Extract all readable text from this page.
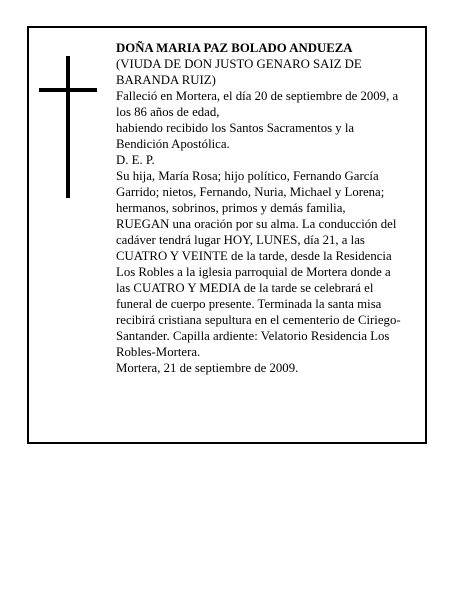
DOÑA MARIA PAZ BOLADO ANDUEZA
(VIUDA DE DON JUSTO GENARO SAIZ DE
BARANDA RUIZ)
Falleció en Mortera, el día 20 de septiembre de 2009, a
los 86 años de edad,
habiendo recibido los Santos Sacramentos y la
Bendición Apostólica.
D. E. P.
Su hija, María Rosa; hijo político, Fernando García
Garrido; nietos, Fernando, Nuria, Michael y Lorena;
hermanos, sobrinos, primos y demás familia,
RUEGAN una oración por su alma. La conducción del
cadáver tendrá lugar HOY, LUNES, día 21, a las
CUATRO Y VEINTE de la tarde, desde la Residencia
Los Robles a la iglesia parroquial de Mortera donde a
las CUATRO Y MEDIA de la tarde se celebrará el
funeral de cuerpo presente. Terminada la santa misa
recibirá cristiana sepultura en el cementerio de Ciriego-
Santander. Capilla ardiente: Velatorio Residencia Los
Robles-Mortera.
Mortera, 21 de septiembre de 2009.
